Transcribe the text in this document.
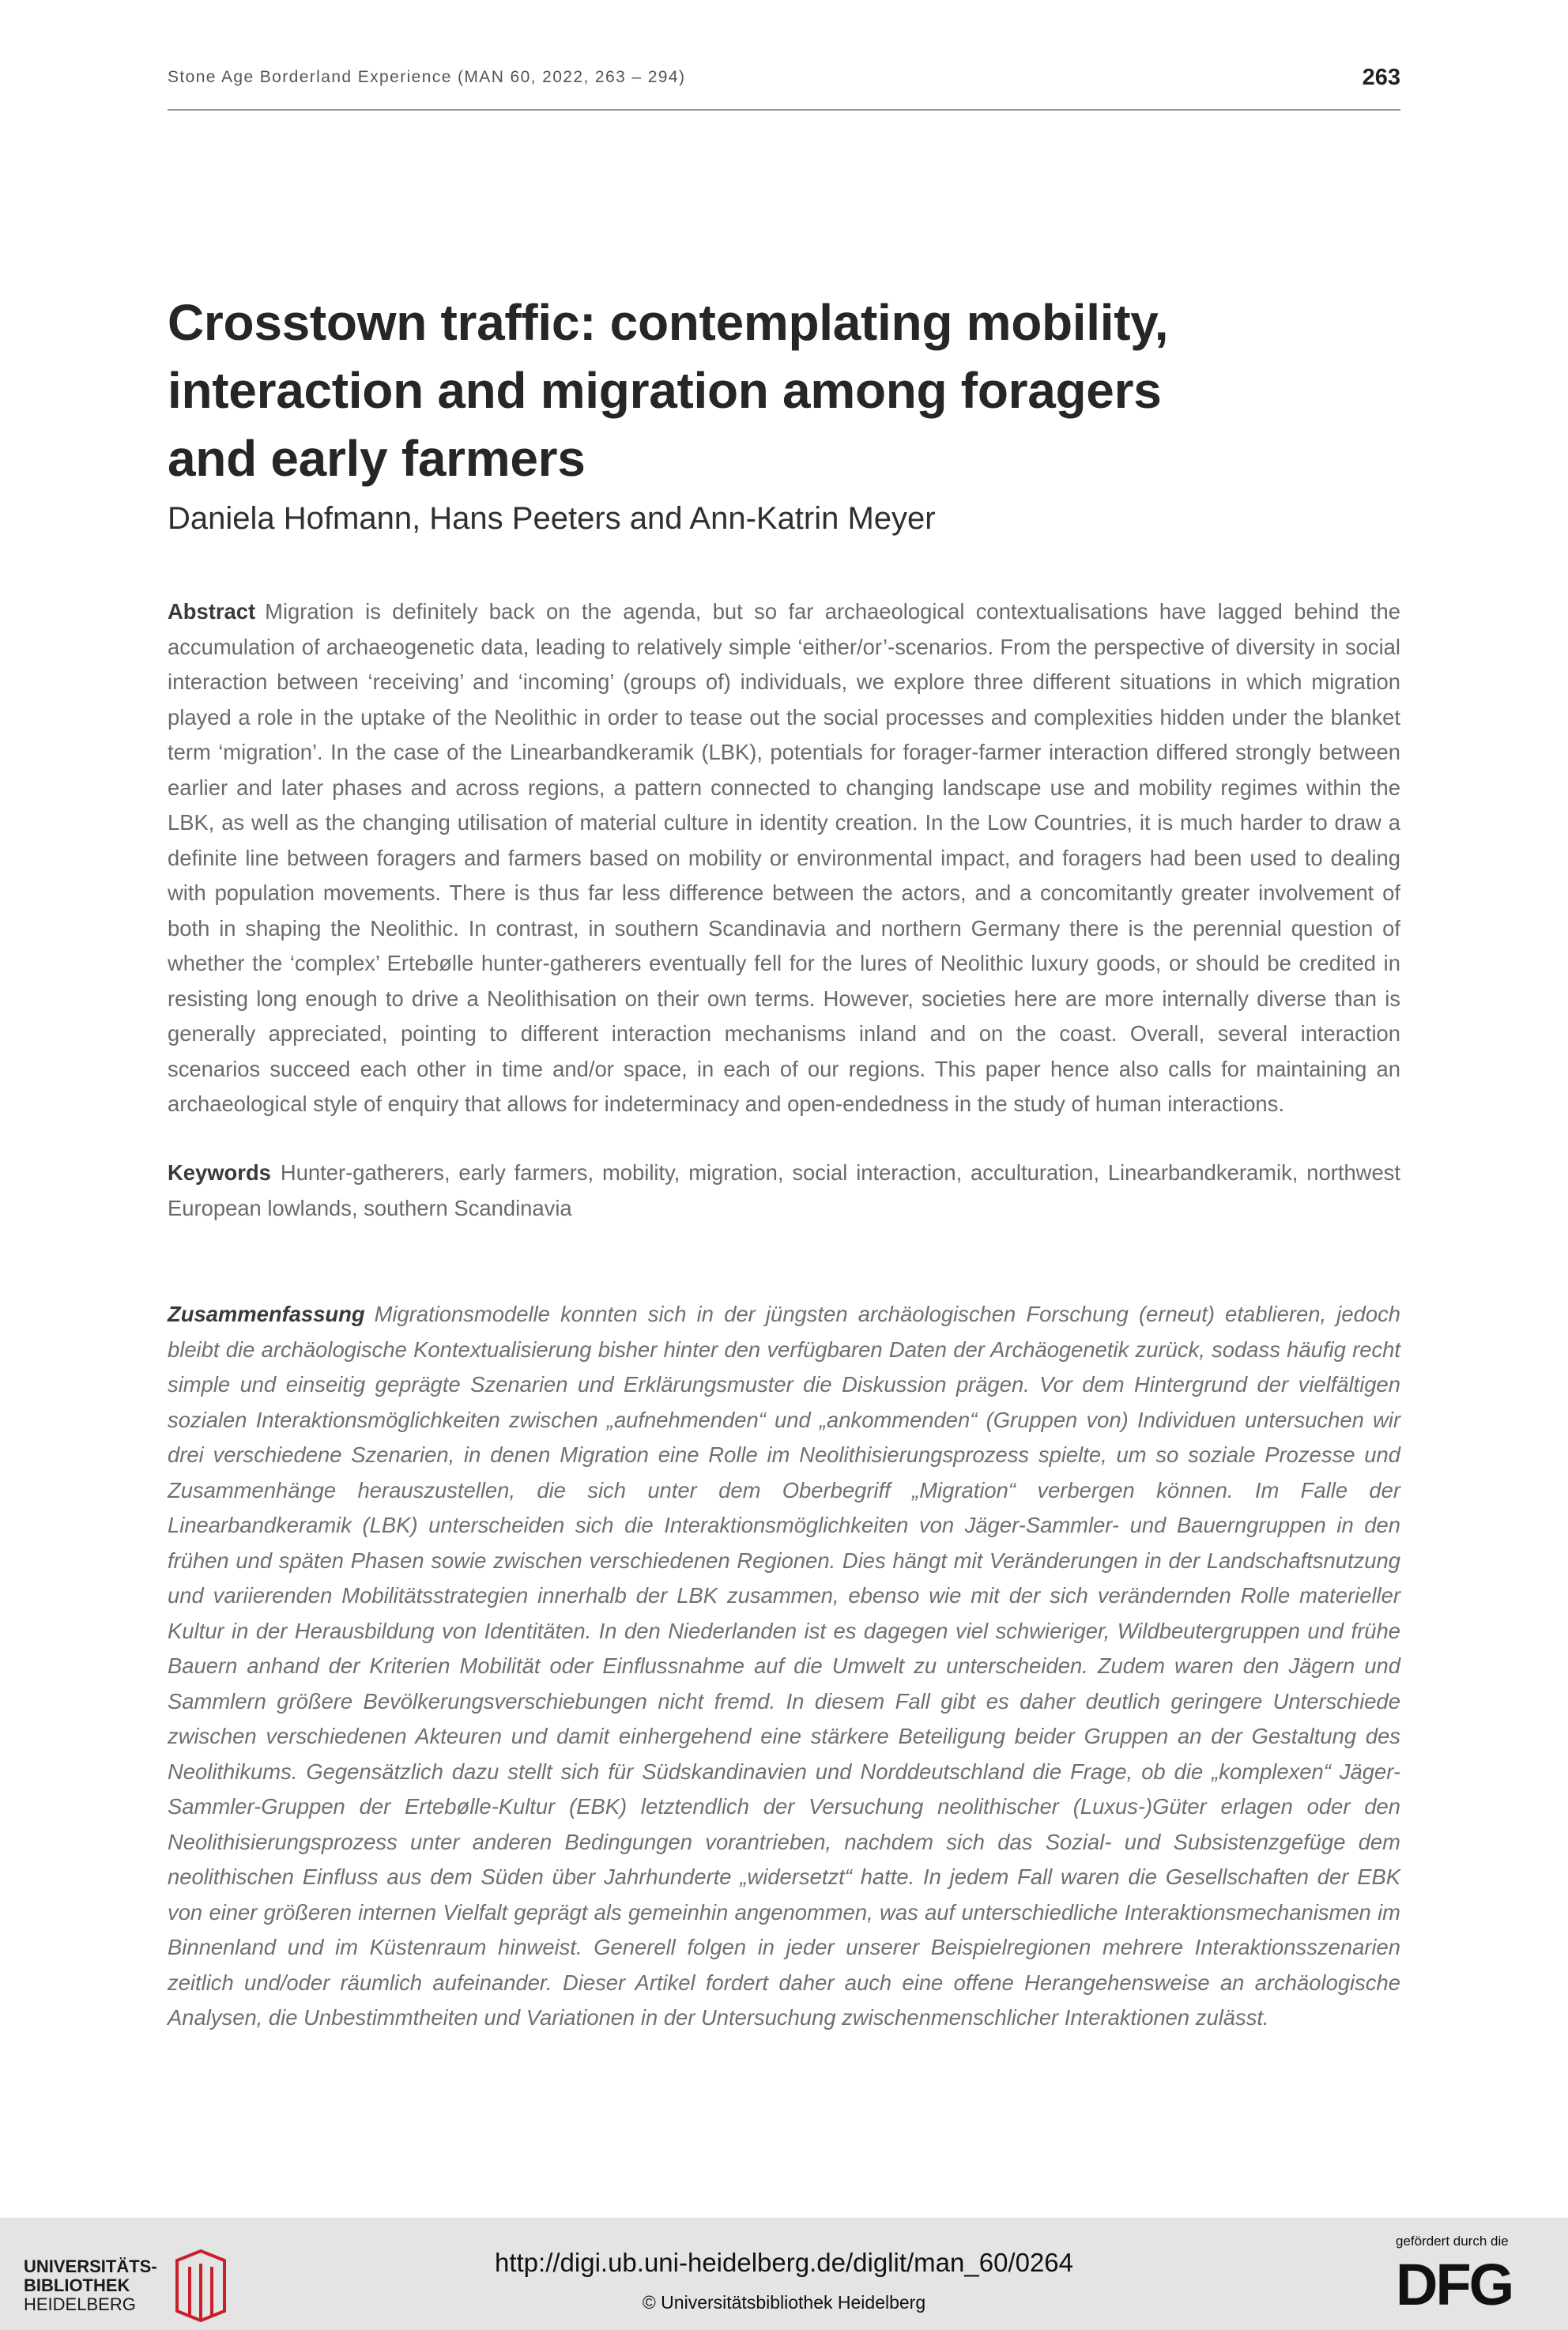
Stone Age Borderland Experience (MAN 60, 2022, 263 – 294)	263
Crosstown traffic: contemplating mobility,
interaction and migration among foragers
and early farmers

Daniela Hofmann, Hans Peeters and Ann-Katrin Meyer

Abstract Migration is definitely back on the agenda, but so far archaeological contextualisations have lagged behind the accumulation of archaeogenetic data, leading to relatively simple ‘either/or’-scenarios. From the perspective of diversity in social interaction between ‘receiving’ and ‘incoming’ (groups of) individuals, we explore three different situations in which migration played a role in the uptake of the Neolithic in order to tease out the social processes and complexities hidden under the blanket term ‘migration’. In the case of the Linearbandkeramik (LBK), potentials for forager-farmer interaction differed strongly between earlier and later phases and across regions, a pattern connected to changing landscape use and mobility regimes within the LBK, as well as the changing utilisation of material culture in identity creation. In the Low Countries, it is much harder to draw a definite line between foragers and farmers based on mobility or environmental impact, and foragers had been used to dealing with population movements. There is thus far less difference between the actors, and a concomitantly greater involvement of both in shaping the Neolithic. In contrast, in southern Scandinavia and northern Germany there is the perennial question of whether the ‘complex’ Ertebølle hunter-gatherers eventually fell for the lures of Neolithic luxury goods, or should be credited in resisting long enough to drive a Neolithisation on their own terms. However, societies here are more internally diverse than is generally appreciated, pointing to different interaction mechanisms inland and on the coast. Overall, several interaction scenarios succeed each other in time and/or space, in each of our regions. This paper hence also calls for maintaining an archaeological style of enquiry that allows for indeterminacy and open-endedness in the study of human interactions.

Keywords Hunter-gatherers, early farmers, mobility, migration, social interaction, acculturation, Linearbandkeramik, northwest European lowlands, southern Scandinavia

Zusammenfassung Migrationsmodelle konnten sich in der jüngsten archäologischen Forschung (erneut) etablieren, jedoch bleibt die archäologische Kontextualisierung bisher hinter den verfügbaren Daten der Archäogenetik zurück, sodass häufig recht simple und einseitig geprägte Szenarien und Erklärungsmuster die Diskussion prägen. Vor dem Hintergrund der vielfältigen sozialen Interaktionsmöglichkeiten zwischen „aufnehmenden“ und „ankommenden“ (Gruppen von) Individuen untersuchen wir drei verschiedene Szenarien, in denen Migration eine Rolle im Neolithisierungsprozess spielte, um so soziale Prozesse und Zusammenhänge herauszustellen, die sich unter dem Oberbegriff „Migration“ verbergen können. Im Falle der Linearbandkeramik (LBK) unterscheiden sich die Interaktionsmöglichkeiten von Jäger-Sammler- und Bauerngruppen in den frühen und späten Phasen sowie zwischen verschiedenen Regionen. Dies hängt mit Veränderungen in der Landschaftsnutzung und variierenden Mobilitätsstrategien innerhalb der LBK zusammen, ebenso wie mit der sich verändernden Rolle materieller Kultur in der Herausbildung von Identitäten. In den Niederlanden ist es dagegen viel schwieriger, Wildbeutergruppen und frühe Bauern anhand der Kriterien Mobilität oder Einflussnahme auf die Umwelt zu unterscheiden. Zudem waren den Jägern und Sammlern größere Bevölkerungsverschiebungen nicht fremd. In diesem Fall gibt es daher deutlich geringere Unterschiede zwischen verschiedenen Akteuren und damit einhergehend eine stärkere Beteiligung beider Gruppen an der Gestaltung des Neolithikums. Gegensätzlich dazu stellt sich für Südskandinavien und Norddeutschland die Frage, ob die „komplexen“ Jäger-Sammler-Gruppen der Ertebølle-Kultur (EBK) letztendlich der Versuchung neolithischer (Luxus-)Güter erlagen oder den Neolithisierungsprozess unter anderen Bedingungen vorantrieben, nachdem sich das Sozial- und Subsistenzgefüge dem neolithischen Einfluss aus dem Süden über Jahrhunderte „widersetzt“ hatte. In jedem Fall waren die Gesellschaften der EBK von einer größeren internen Vielfalt geprägt als gemeinhin angenommen, was auf unterschiedliche Interaktionsmechanismen im Binnenland und im Küstenraum hinweist. Generell folgen in jeder unserer Beispielregionen mehrere Interaktionsszenarien zeitlich und/oder räumlich aufeinander. Dieser Artikel fordert daher auch eine offene Herangehensweise an archäologische Analysen, die Unbestimmtheiten und Variationen in der Untersuchung zwischenmenschlicher Interaktionen zulässt.

UNIVERSITÄTS-
BIBLIOTHEK
HEIDELBERG
http://digi.ub.uni-heidelberg.de/diglit/man_60/0264
© Universitätsbibliothek Heidelberg
gefördert durch die
DFG
